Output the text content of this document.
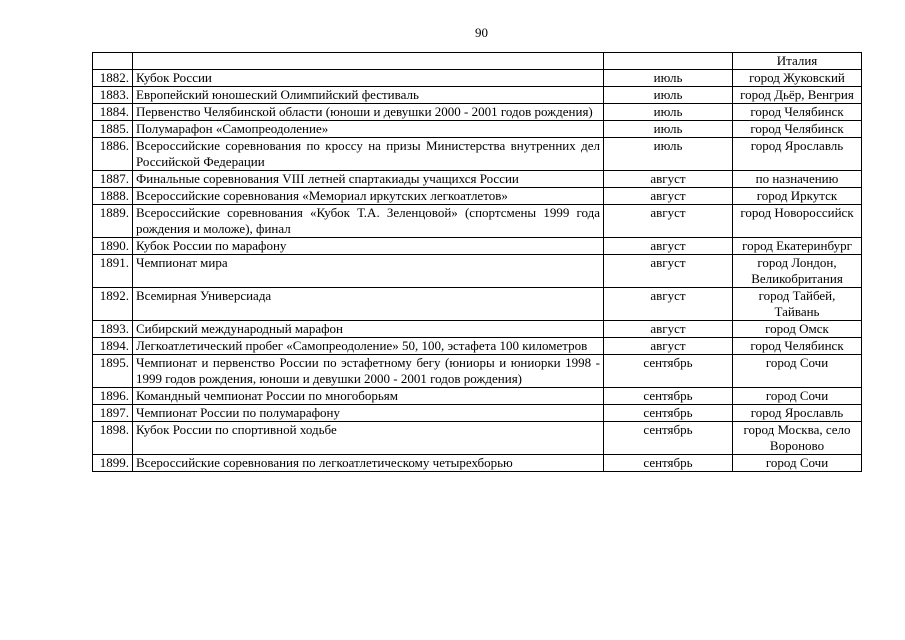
90
			Италия
1882.	Кубок России	июль	город Жуковский
1883.	Европейский юношеский Олимпийский фестиваль	июль	город Дьёр, Венгрия
1884.	Первенство Челябинской области (юноши и девушки 2000 - 2001 годов рождения)	июль	город Челябинск
1885.	Полумарафон «Самопреодоление»	июль	город Челябинск
1886.	Всероссийские соревнования по кроссу на призы Министерства внутренних дел Российской Федерации	июль	город Ярославль
1887.	Финальные соревнования VIII летней спартакиады учащихся России	август	по назначению
1888.	Всероссийские соревнования «Мемориал иркутских легкоатлетов»	август	город Иркутск
1889.	Всероссийские соревнования «Кубок Т.А. Зеленцовой» (спортсмены 1999 года рождения и моложе), финал	август	город Новороссийск
1890.	Кубок России по марафону	август	город Екатеринбург
1891.	Чемпионат мира	август	город Лондон, Великобритания
1892.	Всемирная Универсиада	август	город Тайбей, Тайвань
1893.	Сибирский международный марафон	август	город Омск
1894.	Легкоатлетический пробег «Самопреодоление» 50, 100, эстафета 100 километров	август	город Челябинск
1895.	Чемпионат и первенство России по эстафетному бегу (юниоры и юниорки 1998 - 1999 годов рождения, юноши и девушки 2000 - 2001 годов рождения)	сентябрь	город Сочи
1896.	Командный чемпионат России по многоборьям	сентябрь	город Сочи
1897.	Чемпионат России по полумарафону	сентябрь	город Ярославль
1898.	Кубок России по спортивной ходьбе	сентябрь	город Москва, село Вороново
1899.	Всероссийские соревнования по легкоатлетическому четырехборью	сентябрь	город Сочи
